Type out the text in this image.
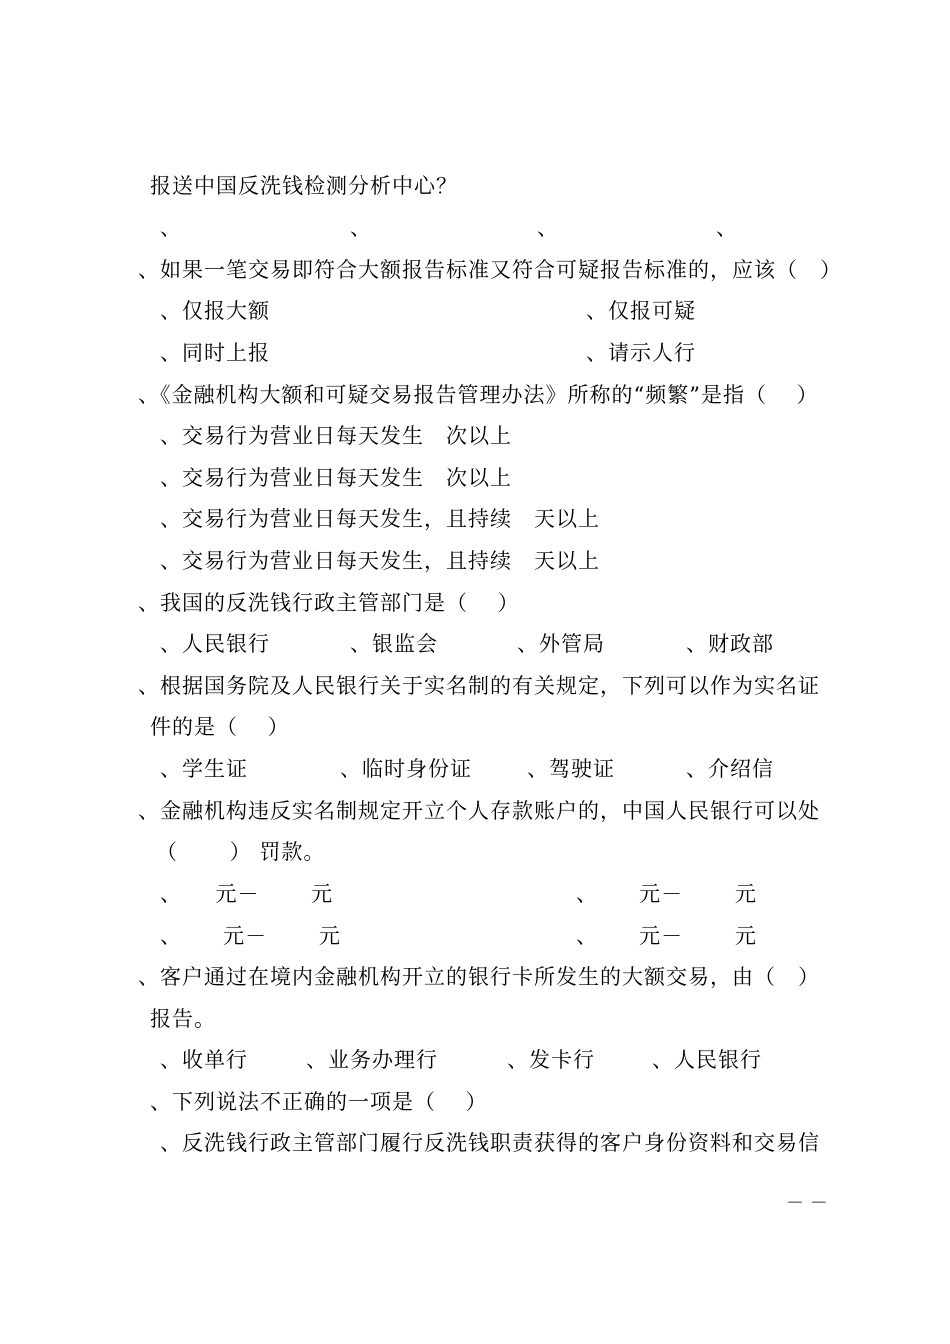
报送中国反洗钱检测分析中心？
、	、	、	、
、如果一笔交易即符合大额报告标准又符合可疑报告标准的，应该（　）
、仅报大额	、仅报可疑
、同时上报	、请示人行
、《金融机构大额和可疑交易报告管理办法》所称的“频繁”是指（　 ）
、交易行为营业日每天发生　次以上
、交易行为营业日每天发生　次以上
、交易行为营业日每天发生，且持续　天以上
、交易行为营业日每天发生，且持续　天以上
、我国的反洗钱行政主管部门是（　 ）
、人民银行	、银监会	、外管局	、财政部
、根据国务院及人民银行关于实名制的有关规定，下列可以作为实名证
件的是（　 ）
、学生证	、临时身份证	、驾驶证	、介绍信
、金融机构违反实名制规定开立个人存款账户的，中国人民银行可以处
（　　 ） 罚款。
、　　元－　　 元	、　　 元－　　 元
、　　 元－　　 元	、　　 元－　　 元
、客户通过在境内金融机构开立的银行卡所发生的大额交易，由（　）
报告。
、收单行	、业务办理行	、发卡行	、人民银行
、下列说法不正确的一项是（　 ）
、反洗钱行政主管部门履行反洗钱职责获得的客户身份资料和交易信
－ －
